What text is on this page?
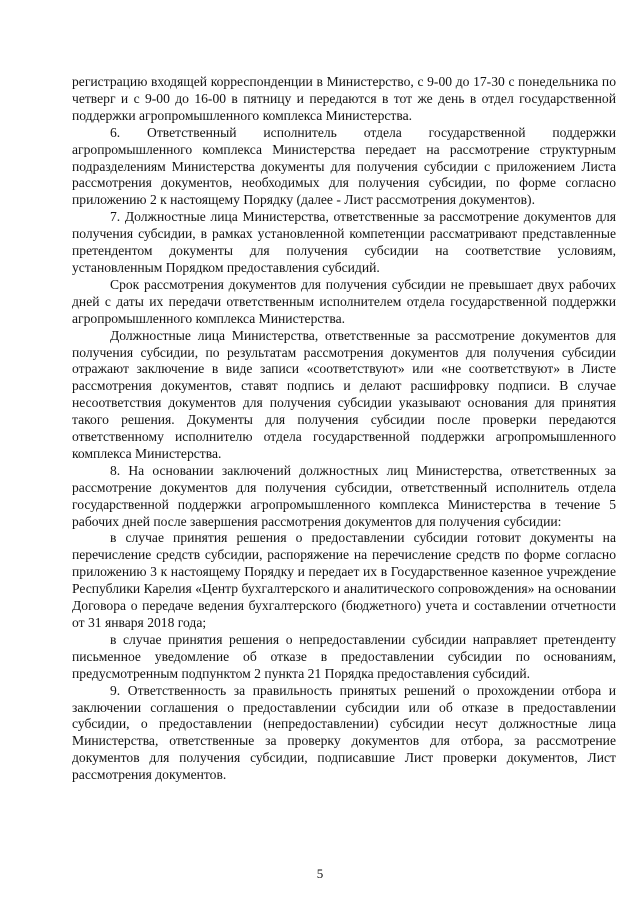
регистрацию входящей корреспонденции в Министерство, с 9-00 до 17-30 с понедельника по четверг и с 9-00 до 16-00 в пятницу и передаются в тот же день в отдел государственной поддержки агропромышленного комплекса Министерства.

6. Ответственный исполнитель отдела государственной поддержки агропромышленного комплекса Министерства передает на рассмотрение структурным подразделениям Министерства документы для получения субсидии с приложением Листа рассмотрения документов, необходимых для получения субсидии, по форме согласно приложению 2 к настоящему Порядку (далее - Лист рассмотрения документов).

7. Должностные лица Министерства, ответственные за рассмотрение документов для получения субсидии, в рамках установленной компетенции рассматривают представленные претендентом документы для получения субсидии на соответствие условиям, установленным Порядком предоставления субсидий.

Срок рассмотрения документов для получения субсидии не превышает двух рабочих дней с даты их передачи ответственным исполнителем отдела государственной поддержки агропромышленного комплекса Министерства.

Должностные лица Министерства, ответственные за рассмотрение документов для получения субсидии, по результатам рассмотрения документов для получения субсидии отражают заключение в виде записи «соответствуют» или «не соответствуют» в Листе рассмотрения документов, ставят подпись и делают расшифровку подписи. В случае несоответствия документов для получения субсидии указывают основания для принятия такого решения. Документы для получения субсидии после проверки передаются ответственному исполнителю отдела государственной поддержки агропромышленного комплекса Министерства.

8. На основании заключений должностных лиц Министерства, ответственных за рассмотрение документов для получения субсидии, ответственный исполнитель отдела государственной поддержки агропромышленного комплекса Министерства в течение 5 рабочих дней после завершения рассмотрения документов для получения субсидии:

в случае принятия решения о предоставлении субсидии готовит документы на перечисление средств субсидии, распоряжение на перечисление средств по форме согласно приложению 3 к настоящему Порядку и передает их в Государственное казенное учреждение Республики Карелия «Центр бухгалтерского и аналитического сопровождения» на основании Договора о передаче ведения бухгалтерского (бюджетного) учета и составлении отчетности от 31 января 2018 года;

в случае принятия решения о непредоставлении субсидии направляет претенденту письменное уведомление об отказе в предоставлении субсидии по основаниям, предусмотренным подпунктом 2 пункта 21 Порядка предоставления субсидий.

9. Ответственность за правильность принятых решений о прохождении отбора и заключении соглашения о предоставлении субсидии или об отказе в предоставлении субсидии, о предоставлении (непредоставлении) субсидии несут должностные лица Министерства, ответственные за проверку документов для отбора, за рассмотрение документов для получения субсидии, подписавшие Лист проверки документов, Лист рассмотрения документов.

5
